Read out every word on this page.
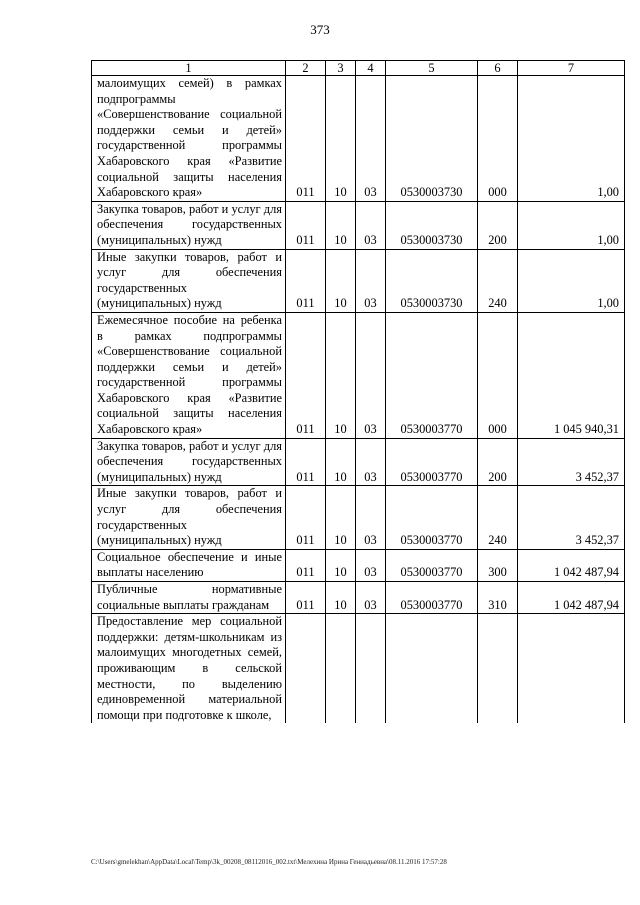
373
1	2	3	4	5	6	7
малоимущих семей) в рамках подпрограммы «Совершенствование социальной поддержки семьи и детей» государственной программы Хабаровского края «Развитие социальной защиты населения Хабаровского края»	011	10	03	0530003730	000	1,00
Закупка товаров, работ и услуг для обеспечения государственных (муниципальных) нужд	011	10	03	0530003730	200	1,00
Иные закупки товаров, работ и услуг для обеспечения государственных (муниципальных) нужд	011	10	03	0530003730	240	1,00
Ежемесячное пособие на ребенка в рамках подпрограммы «Совершенствование социальной поддержки семьи и детей» государственной программы Хабаровского края «Развитие социальной защиты населения Хабаровского края»	011	10	03	0530003770	000	1 045 940,31
Закупка товаров, работ и услуг для обеспечения государственных (муниципальных) нужд	011	10	03	0530003770	200	3 452,37
Иные закупки товаров, работ и услуг для обеспечения государственных (муниципальных) нужд	011	10	03	0530003770	240	3 452,37
Социальное обеспечение и иные выплаты населению	011	10	03	0530003770	300	1 042 487,94
Публичные нормативные социальные выплаты гражданам	011	10	03	0530003770	310	1 042 487,94
Предоставление мер социальной поддержки: детям-школьникам из малоимущих многодетных семей, проживающим в сельской местности, по выделению единовременной материальной помощи при подготовке к школе,						
C:\Users\gmelekhan\AppData\Local\Temp\3k_00208_08112016_002.txt\Мелехина Ирина Геннадьевна\08.11.2016 17:57:28
